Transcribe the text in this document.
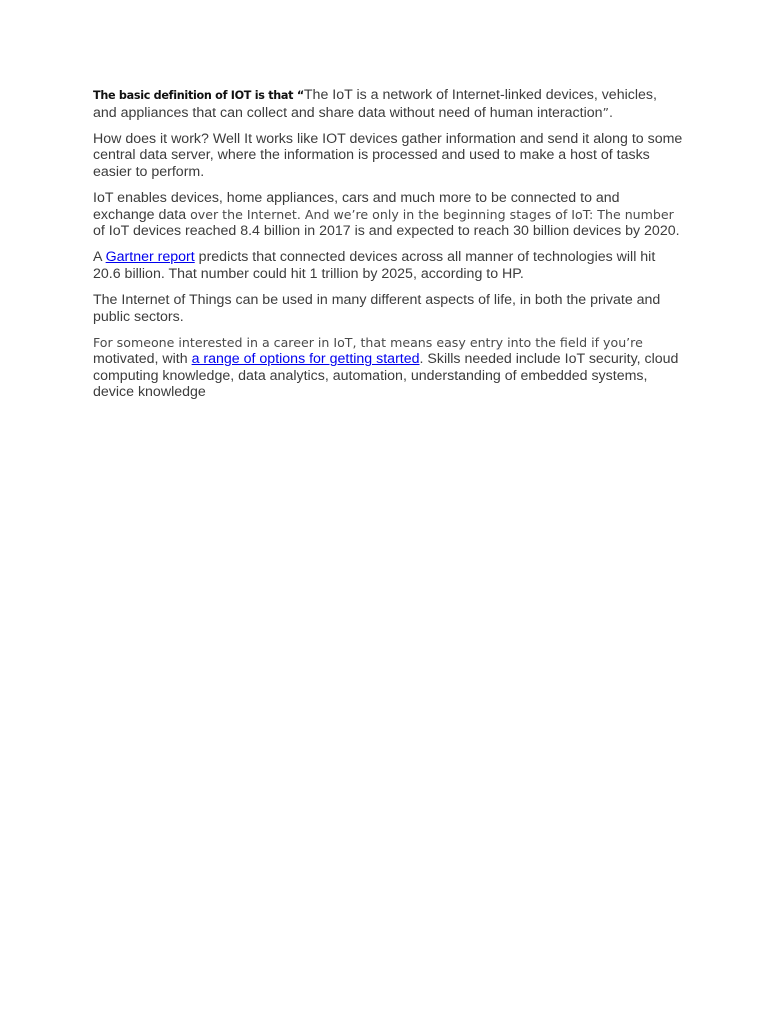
The basic definition of IOT is that “The IoT is a network of Internet-linked devices, vehicles, and appliances that can collect and share data without need of human interaction”.

How does it work? Well It works like IOT devices gather information and send it along to some central data server, where the information is processed and used to make a host of tasks easier to perform.

IoT enables devices, home appliances, cars and much more to be connected to and exchange data over the Internet. And we’re only in the beginning stages of IoT: The number of IoT devices reached 8.4 billion in 2017 is and expected to reach 30 billion devices by 2020.

A Gartner report predicts that connected devices across all manner of technologies will hit 20.6 billion. That number could hit 1 trillion by 2025, according to HP.

The Internet of Things can be used in many different aspects of life, in both the private and public sectors.

For someone interested in a career in IoT, that means easy entry into the field if you’re motivated, with a range of options for getting started. Skills needed include IoT security, cloud computing knowledge, data analytics, automation, understanding of embedded systems, device knowledge
